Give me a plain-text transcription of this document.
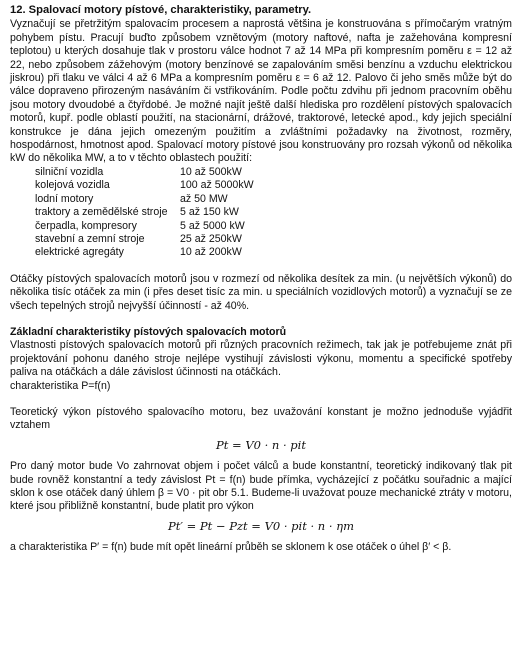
12. Spalovací motory pístové, charakteristiky, parametry.

Vyznačují se přetržitým spalovacím procesem a naprostá většina je konstruována s přímočarým vratným pohybem pístu. Pracují buďto způsobem vznětovým (motory naftové, nafta je zažehována kompresní teplotou) u kterých dosahuje tlak v prostoru válce hodnot 7 až 14 MPa při kompresním poměru ε = 12 až 22, nebo způsobem zážehovým (motory benzínové se zapalováním směsi benzínu a vzduchu elektrickou jiskrou) při tlaku ve válci 4 až 6 MPa a kompresním poměru ε = 6 až 12. Palovo či jeho směs může být do válce dopraveno přirozeným nasáváním či vstřikováním. Podle počtu zdvihu při jednom pracovním oběhu jsou motory dvoudobé a čtyřdobé. Je možné najít ještě další hlediska pro rozdělení pístových spalovacích motorů, kupř. podle oblastí použití, na stacionární, drážové, traktorové, letecké apod., kdy jejich speciální konstrukce je dána jejich omezeným použitím a zvláštními požadavky na životnost, rozměry, hospodárnost, hmotnost apod. Spalovací motory pístové jsou konstruovány pro rozsah výkonů od několika kW do několika MW, a to v těchto oblastech použití:

silniční vozidla	10 až 500kW
kolejová vozidla	100 až 5000kW
lodní motory	až 50 MW
traktory a zemědělské stroje	5 až 150 kW
čerpadla, kompresory	5 až 5000 kW
stavební a zemní stroje	25 až 250kW
elektrické agregáty	10 až 200kW

Otáčky pístových spalovacích motorů jsou v rozmezí od několika desítek za min. (u největších výkonů) do několika tisíc otáček za min (i přes deset tisíc za min. u speciálních vozidlových motorů) a vyznačují se ze všech tepelných strojů nejvyšší účinností - až 40%.

Základní charakteristiky pístových spalovacích motorů

Vlastnosti pístových spalovacích motorů při různých pracovních režimech, tak jak je potřebujeme znát při projektování pohonu daného stroje nejlépe vystihují závislosti výkonu, momentu a specifické spotřeby paliva na otáčkách a dále závislost účinnosti na otáčkách.

charakteristika P=f(n)

Teoretický výkon pístového spalovacího motoru, bez uvažování konstant je možno jednoduše vyjádřit vztahem

Pt = V0 · n · pit

Pro daný motor bude Vo zahrnovat objem i počet válců a bude konstantní, teoretický indikovaný tlak pit bude rovněž konstantní a tedy závislost Pt = f(n) bude přímka, vycházející z počátku souřadnic a mající sklon k ose otáček daný úhlem β = V0 · pit obr 5.1. Budeme-li uvažovat pouze mechanické ztráty v motoru, které jsou přibližně konstantní, bude platit pro výkon

Pt′ = Pt − Pzt = V0 · pit · n · ηm

a charakteristika P′ = f(n) bude mít opět lineární průběh se sklonem k ose otáček o úhel β′ < β.
